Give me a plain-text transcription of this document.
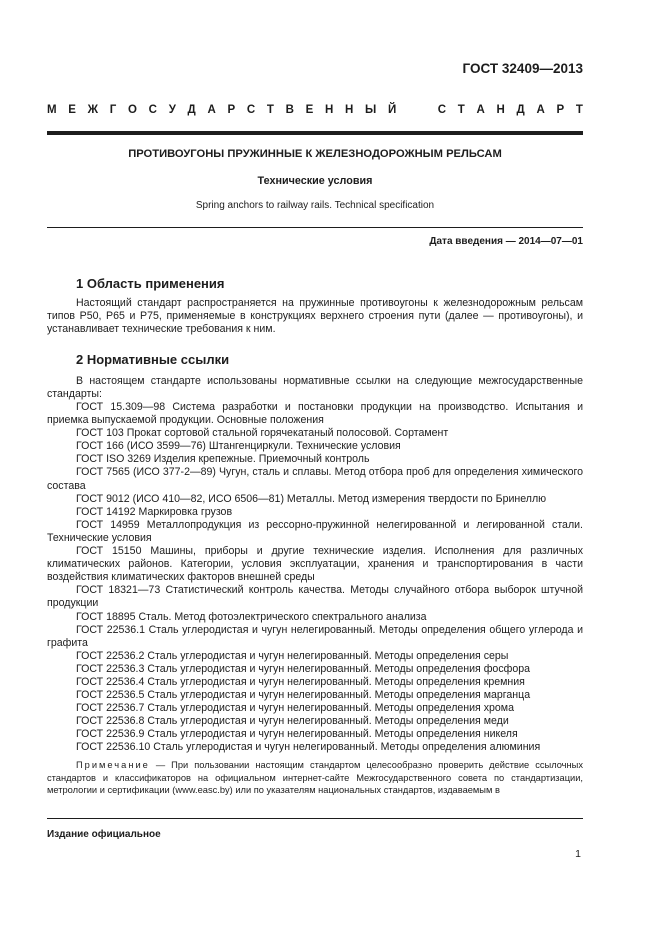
ГОСТ 32409—2013
М Е Ж Г О С У Д А Р С Т В Е Н Н Ы Й

	С Т А Н Д А Р Т
ПРОТИВОУГОНЫ ПРУЖИННЫЕ К ЖЕЛЕЗНОДОРОЖНЫМ РЕЛЬСАМ
Технические условия
Spring anchors to railway rails. Technical specification
Дата введения — 2014—07—01
1 Область применения

Настоящий стандарт распространяется на пружинные противоугоны к железнодорожным рельсам типов Р50, Р65 и Р75, применяемые в конструкциях верхнего строения пути (далее — противоугоны), и устанавливает технические требования к ним.

2 Нормативные ссылки

В настоящем стандарте использованы нормативные ссылки на следующие межгосударственные стандарты:

ГОСТ 15.309—98 Система разработки и постановки продукции на производство. Испытания и приемка выпускаемой продукции. Основные положения
ГОСТ 103 Прокат сортовой стальной горячекатаный полосовой. Сортамент
ГОСТ 166 (ИСО 3599—76) Штангенциркули. Технические условия
ГОСТ ISO 3269 Изделия крепежные. Приемочный контроль
ГОСТ 7565 (ИСО 377-2—89) Чугун, сталь и сплавы. Метод отбора проб для определения химического состава
ГОСТ 9012 (ИСО 410—82, ИСО 6506—81) Металлы. Метод измерения твердости по Бринеллю
ГОСТ 14192 Маркировка грузов
ГОСТ 14959 Металлопродукция из рессорно-пружинной нелегированной и легированной стали. Технические условия
ГОСТ 15150 Машины, приборы и другие технические изделия. Исполнения для различных климатических районов. Категории, условия эксплуатации, хранения и транспортирования в части воздействия климатических факторов внешней среды
ГОСТ 18321—73 Статистический контроль качества. Методы случайного отбора выборок штучной продукции
ГОСТ 18895 Сталь. Метод фотоэлектрического спектрального анализа
ГОСТ 22536.1 Сталь углеродистая и чугун нелегированный. Методы определения общего углерода и графита
ГОСТ 22536.2 Сталь углеродистая и чугун нелегированный. Методы определения серы
ГОСТ 22536.3 Сталь углеродистая и чугун нелегированный. Методы определения фосфора
ГОСТ 22536.4 Сталь углеродистая и чугун нелегированный. Методы определения кремния
ГОСТ 22536.5 Сталь углеродистая и чугун нелегированный. Методы определения марганца
ГОСТ 22536.7 Сталь углеродистая и чугун нелегированный. Методы определения хрома
ГОСТ 22536.8 Сталь углеродистая и чугун нелегированный. Методы определения меди
ГОСТ 22536.9 Сталь углеродистая и чугун нелегированный. Методы определения никеля
ГОСТ 22536.10 Сталь углеродистая и чугун нелегированный. Методы определения алюминия

Примечание — При пользовании настоящим стандартом целесообразно проверить действие ссылочных стандартов и классификаторов на официальном интернет-сайте Межгосударственного совета по стандартизации, метрологии и сертификации (www.easc.by) или по указателям национальных стандартов, издаваемым в

Издание официальное
1
